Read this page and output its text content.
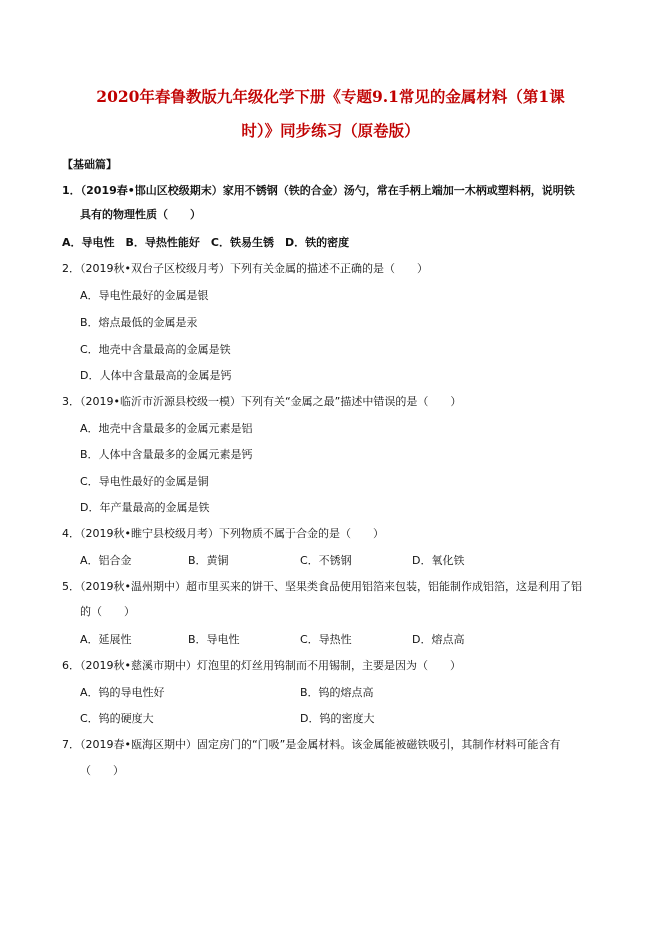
2020年春鲁教版九年级化学下册《专题9.1常见的金属材料（第1课
时）》同步练习（原卷版）
【基础篇】
1．（2019春•邯山区校级期末）家用不锈钢（铁的合金）汤勺，常在手柄上端加一木柄或塑料柄，说明铁
具有的物理性质（　　）
A．导电性　B．导热性能好　C．铁易生锈　D．铁的密度
2．（2019秋•双台子区校级月考）下列有关金属的描述不正确的是（　　）
A．导电性最好的金属是银
B．熔点最低的金属是汞
C．地壳中含量最高的金属是铁
D．人体中含量最高的金属是钙
3．（2019•临沂市沂源县校级一模）下列有关“金属之最”描述中错误的是（　　）
A．地壳中含量最多的金属元素是铝
B．人体中含量最多的金属元素是钙
C．导电性最好的金属是铜
D．年产量最高的金属是铁
4．（2019秋•睢宁县校级月考）下列物质不属于合金的是（　　）
A．铝合金	B．黄铜	C．不锈钢	D．氧化铁
5．（2019秋•温州期中）超市里买来的饼干、坚果类食品使用铝箔来包装，铝能制作成铝箔，这是利用了铝
的（　　）
A．延展性	B．导电性	C．导热性	D．熔点高
6．（2019秋•慈溪市期中）灯泡里的灯丝用钨制而不用锡制，主要是因为（　　）
A．钨的导电性好	B．钨的熔点高
C．钨的硬度大	D．钨的密度大
7．（2019春•瓯海区期中）固定房门的“门吸”是金属材料。该金属能被磁铁吸引，其制作材料可能含有
（　　）
